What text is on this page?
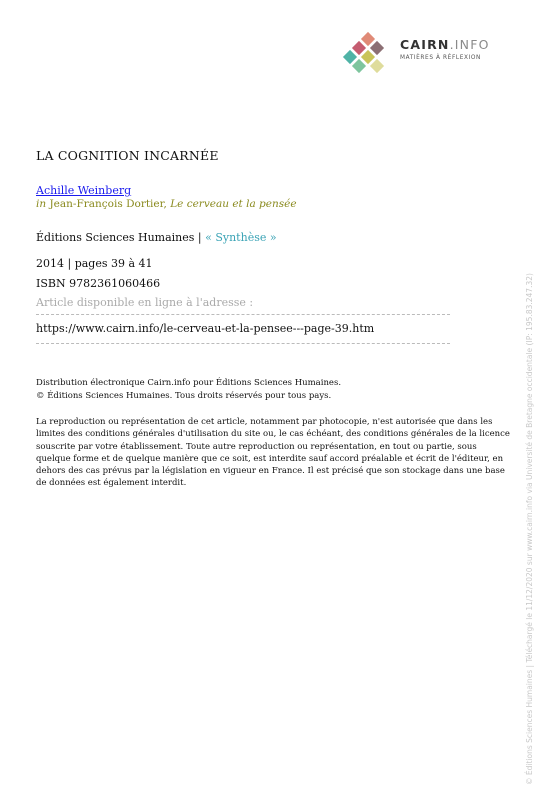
CAIRN.INFO
MATIÈRES À RÉFLEXION
LA COGNITION INCARNÉE
Achille Weinberg
in Jean-François Dortier, Le cerveau et la pensée
Éditions Sciences Humaines | « Synthèse »
2014 | pages 39 à 41
ISBN 9782361060466
Article disponible en ligne à l'adresse :
https://www.cairn.info/le-cerveau-et-la-pensee---page-39.htm
Distribution électronique Cairn.info pour Éditions Sciences Humaines.
© Éditions Sciences Humaines. Tous droits réservés pour tous pays.
La reproduction ou représentation de cet article, notamment par photocopie, n'est autorisée que dans les limites des conditions générales d'utilisation du site ou, le cas échéant, des conditions générales de la licence souscrite par votre établissement. Toute autre reproduction ou représentation, en tout ou partie, sous quelque forme et de quelque manière que ce soit, est interdite sauf accord préalable et écrit de l'éditeur, en dehors des cas prévus par la législation en vigueur en France. Il est précisé que son stockage dans une base de données est également interdit.	© Éditions Sciences Humaines | Téléchargé le 11/12/2020 sur www.cairn.info via Université de Bretagne occidentale (IP: 195.83.247.32)
